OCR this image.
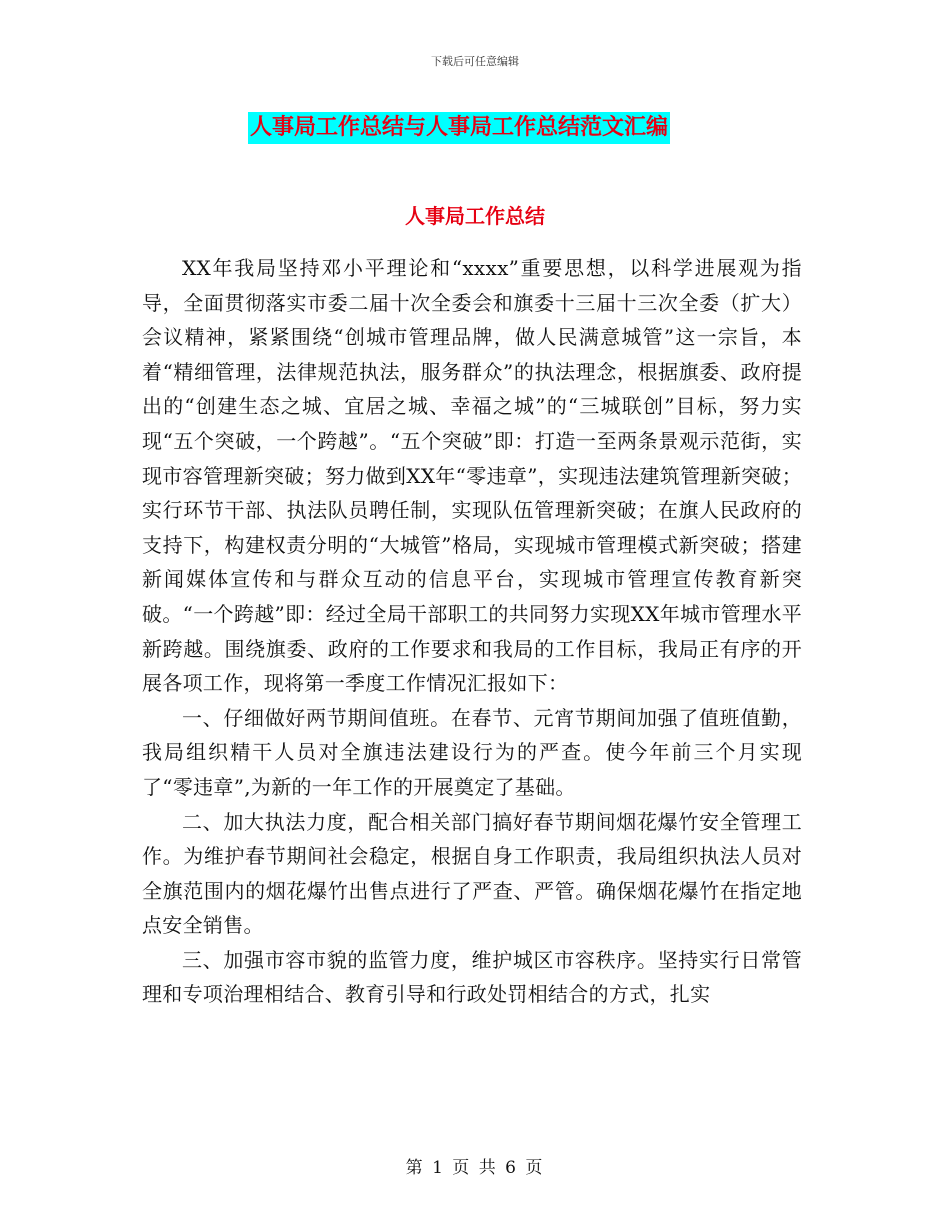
下载后可任意编辑
人事局工作总结与人事局工作总结范文汇编
人事局工作总结

XX年我局坚持邓小平理论和“xxxx”重要思想，以科学进展观为指导，全面贯彻落实市委二届十次全委会和旗委十三届十三次全委（扩大）会议精神，紧紧围绕“创城市管理品牌，做人民满意城管”这一宗旨，本着“精细管理，法律规范执法，服务群众”的执法理念，根据旗委、政府提出的“创建生态之城、宜居之城、幸福之城”的“三城联创”目标，努力实现“五个突破，一个跨越”。“五个突破”即：打造一至两条景观示范街，实现市容管理新突破；努力做到XX年“零违章”，实现违法建筑管理新突破；实行环节干部、执法队员聘任制，实现队伍管理新突破；在旗人民政府的支持下，构建权责分明的“大城管”格局，实现城市管理模式新突破；搭建新闻媒体宣传和与群众互动的信息平台，实现城市管理宣传教育新突破。“一个跨越”即：经过全局干部职工的共同努力实现XX年城市管理水平新跨越。围绕旗委、政府的工作要求和我局的工作目标，我局正有序的开展各项工作，现将第一季度工作情况汇报如下：

一、仔细做好两节期间值班。在春节、元宵节期间加强了值班值勤，我局组织精干人员对全旗违法建设行为的严查。使今年前三个月实现了“零违章”,为新的一年工作的开展奠定了基础。

二、加大执法力度，配合相关部门搞好春节期间烟花爆竹安全管理工作。为维护春节期间社会稳定，根据自身工作职责，我局组织执法人员对全旗范围内的烟花爆竹出售点进行了严查、严管。确保烟花爆竹在指定地点安全销售。

三、加强市容市貌的监管力度，维护城区市容秩序。坚持实行日常管理和专项治理相结合、教育引导和行政处罚相结合的方式，扎实

第 1 页 共 6 页
